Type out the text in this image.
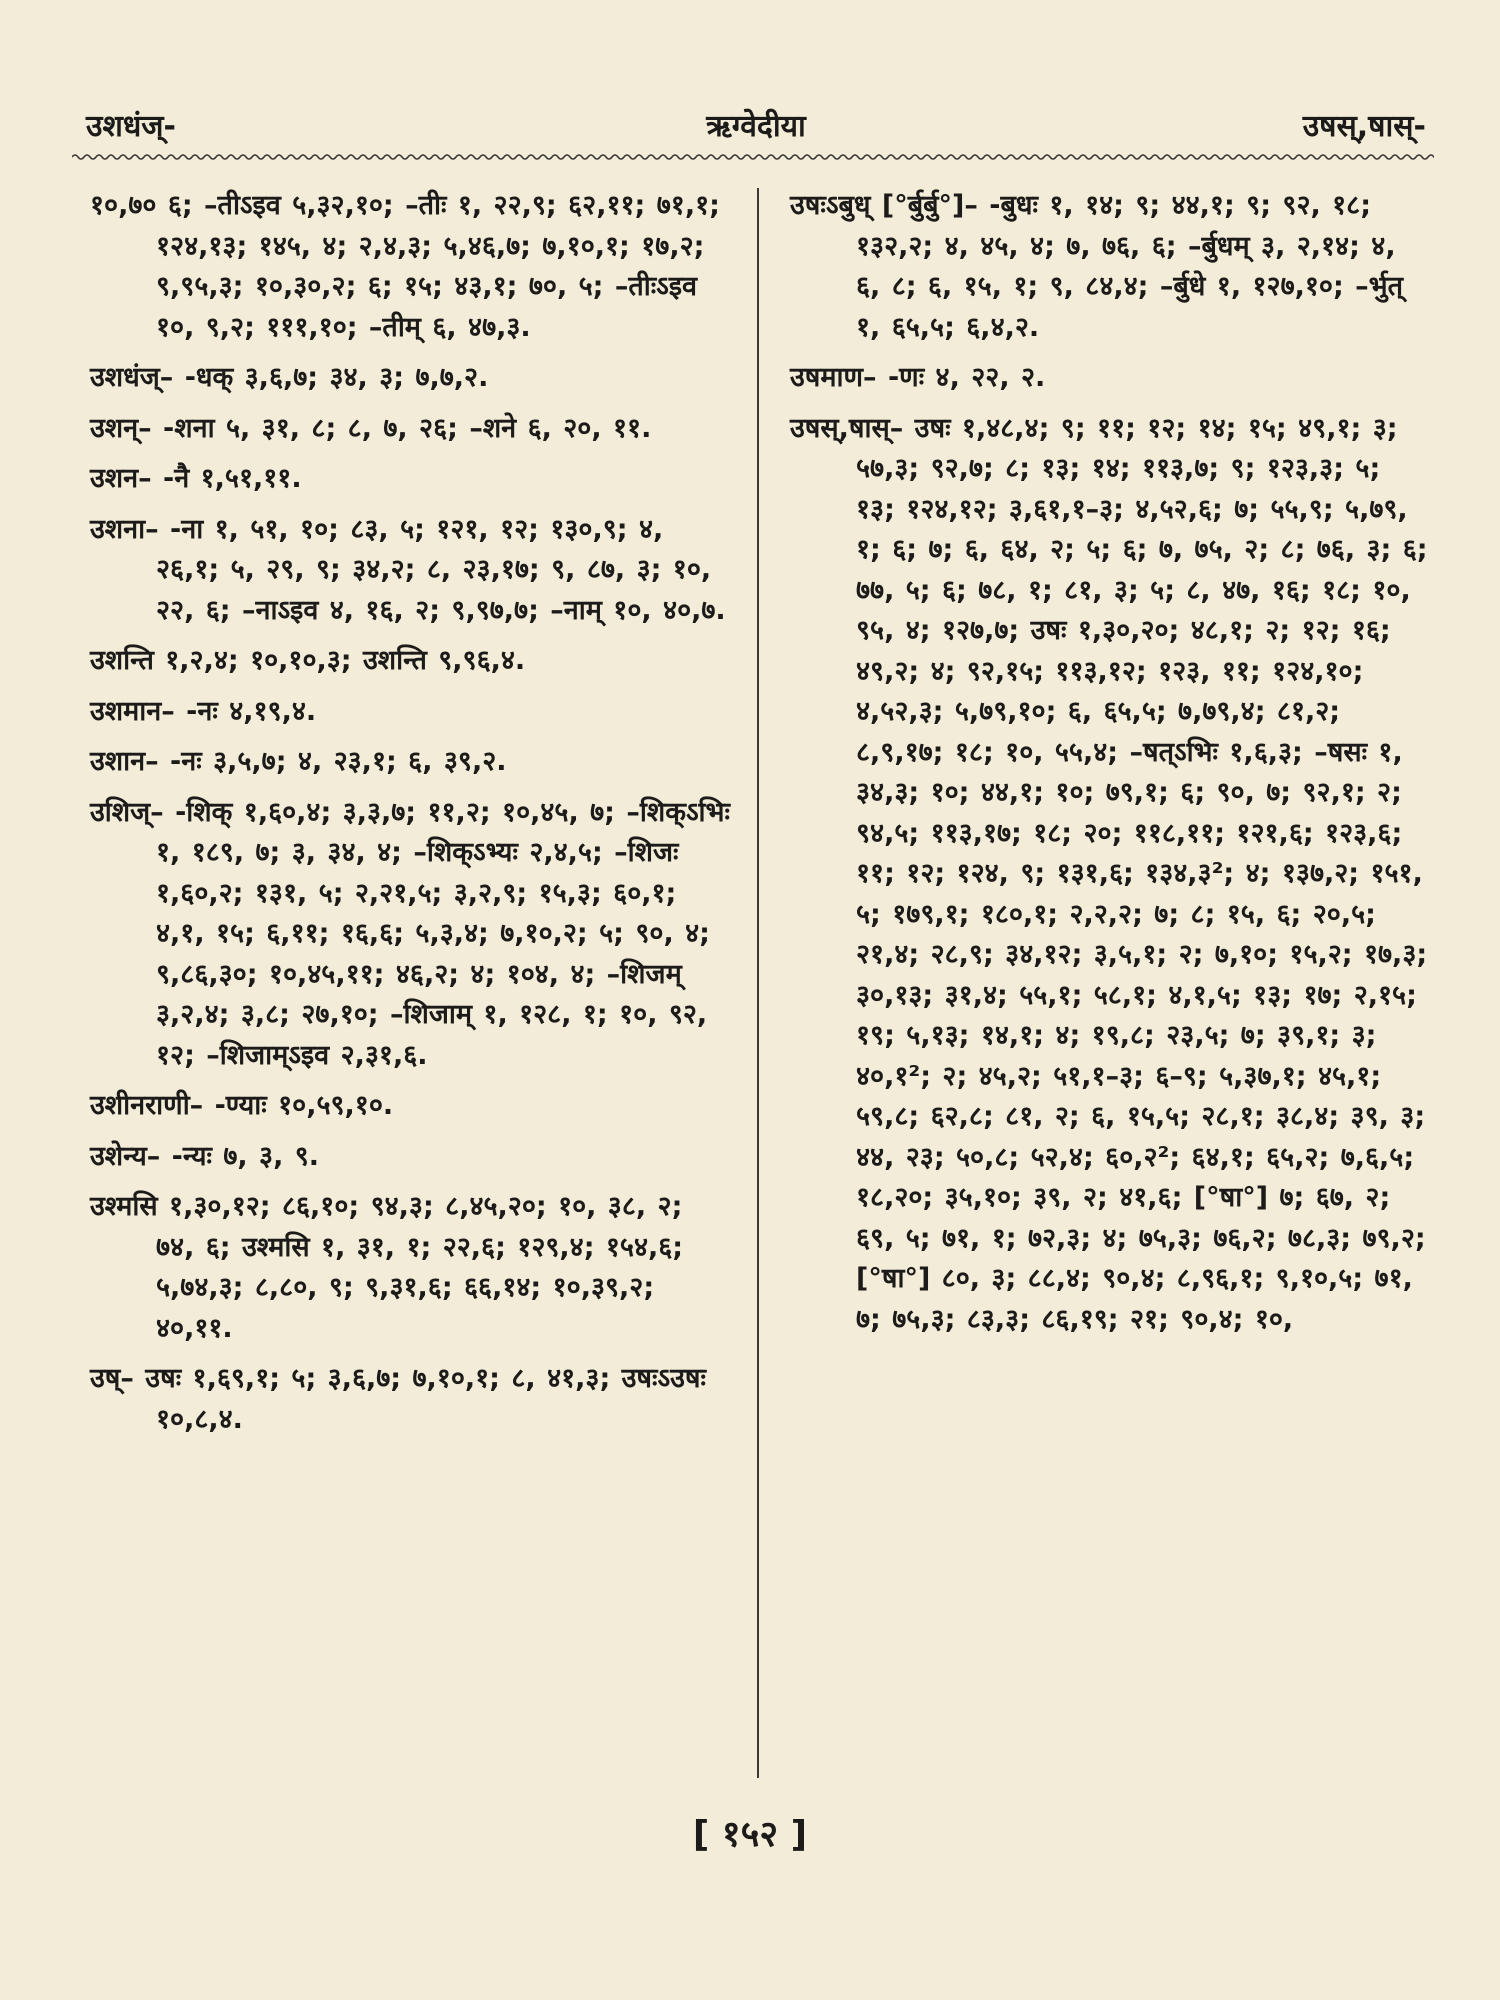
उशधंज्-	ऋग्वेदीया	उषस्,षास्-
१०,७० ६; –तीऽइव ५,३२,१०; –तीः १, २२,९; ६२,११; ७१,१; १२४,१३; १४५, ४; २,४,३; ५,४६,७; ७,१०,१; १७,२; ९,९५,३; १०,३०,२; ६; १५; ४३,१; ७०, ५; –तीःऽइव १०, ९,२; १११,१०; –तीम् ६, ४७,३.
उशधंज्– -धक् ३,६,७; ३४, ३; ७,७,२.
उशन्– -शना ५, ३१, ८; ८, ७, २६; –शने ६, २०, ११.
उशन– -नै १,५१,११.
उशना– -ना १, ५१, १०; ८३, ५; १२१, १२; १३०,९; ४, २६,१; ५, २९, ९; ३४,२; ८, २३,१७; ९, ८७, ३; १०, २२, ६; –नाऽइव ४, १६, २; ९,९७,७; –नाम् १०, ४०,७.
उशन्ति १,२,४; १०,१०,३; उशन्ति ९,९६,४.
उशमान– -नः ४,१९,४.
उशान– -नः ३,५,७; ४, २३,१; ६, ३९,२.
उशिज्– -शिक् १,६०,४; ३,३,७; ११,२; १०,४५, ७; –शिक्ऽभिः १, १८९, ७; ३, ३४, ४; –शिक्ऽभ्यः २,४,५; –शिजः १,६०,२; १३१, ५; २,२१,५; ३,२,९; १५,३; ६०,१; ४,१, १५; ६,११; १६,६; ५,३,४; ७,१०,२; ५; ९०, ४; ९,८६,३०; १०,४५,११; ४६,२; ४; १०४, ४; –शिजम् ३,२,४; ३,८; २७,१०; –शिजाम् १, १२८, १; १०, ९२, १२; –शिजाम्ऽइव २,३१,६.
उशीनराणी– -ण्याः १०,५९,१०.
उशेन्य– -न्यः ७, ३, ९.
उश्मसि १,३०,१२; ८६,१०; ९४,३; ८,४५,२०; १०, ३८, २; ७४, ६; उश्मसि १, ३१, १; २२,६; १२९,४; १५४,६; ५,७४,३; ८,८०, ९; ९,३१,६; ६६,१४; १०,३९,२; ४०,११.
उष्– उषः १,६९,१; ५; ३,६,७; ७,१०,१; ८, ४१,३; उषःऽउषः १०,८,४.
उषःऽबुध् [°र्बुर्बु°]– -बुधः १, १४; ९; ४४,१; ९; ९२, १८; १३२,२; ४, ४५, ४; ७, ७६, ६; –र्बुधम् ३, २,१४; ४, ६, ८; ६, १५, १; ९, ८४,४; –र्बुधे १, १२७,१०; –र्भुत् १, ६५,५; ६,४,२.
उषमाण– -णः ४, २२, २.
उषस्,षास्– उषः १,४८,४; ९; ११; १२; १४; १५; ४९,१; ३; ५७,३; ९२,७; ८; १३; १४; ११३,७; ९; १२३,३; ५; १३; १२४,१२; ३,६१,१–३; ४,५२,६; ७; ५५,९; ५,७९, १; ६; ७; ६, ६४, २; ५; ६; ७, ७५, २; ८; ७६, ३; ६; ७७, ५; ६; ७८, १; ८१, ३; ५; ८, ४७, १६; १८; १०, ९५, ४; १२७,७; उषः १,३०,२०; ४८,१; २; १२; १६; ४९,२; ४; ९२,१५; ११३,१२; १२३, ११; १२४,१०; ४,५२,३; ५,७९,१०; ६, ६५,५; ७,७९,४; ८१,२; ८,९,१७; १८; १०, ५५,४; –षत्ऽभिः १,६,३; –षसः १, ३४,३; १०; ४४,१; १०; ७९,१; ६; ९०, ७; ९२,१; २; ९४,५; ११३,१७; १८; २०; ११८,११; १२१,६; १२३,६; ११; १२; १२४, ९; १३१,६; १३४,३²; ४; १३७,२; १५१, ५; १७९,१; १८०,१; २,२,२; ७; ८; १५, ६; २०,५; २१,४; २८,९; ३४,१२; ३,५,१; २; ७,१०; १५,२; १७,३; ३०,१३; ३१,४; ५५,१; ५८,१; ४,१,५; १३; १७; २,१५; १९; ५,१३; १४,१; ४; १९,८; २३,५; ७; ३९,१; ३; ४०,१²; २; ४५,२; ५१,१–३; ६–९; ५,३७,१; ४५,१; ५९,८; ६२,८; ८१, २; ६, १५,५; २८,१; ३८,४; ३९, ३; ४४, २३; ५०,८; ५२,४; ६०,२²; ६४,१; ६५,२; ७,६,५; १८,२०; ३५,१०; ३९, २; ४१,६; [°षा°] ७; ६७, २; ६९, ५; ७१, १; ७२,३; ४; ७५,३; ७६,२; ७८,३; ७९,२; [°षा°] ८०, ३; ८८,४; ९०,४; ८,९६,१; ९,१०,५; ७१, ७; ७५,३; ८३,३; ८६,१९; २१; ९०,४; १०,
[ १५२ ]
